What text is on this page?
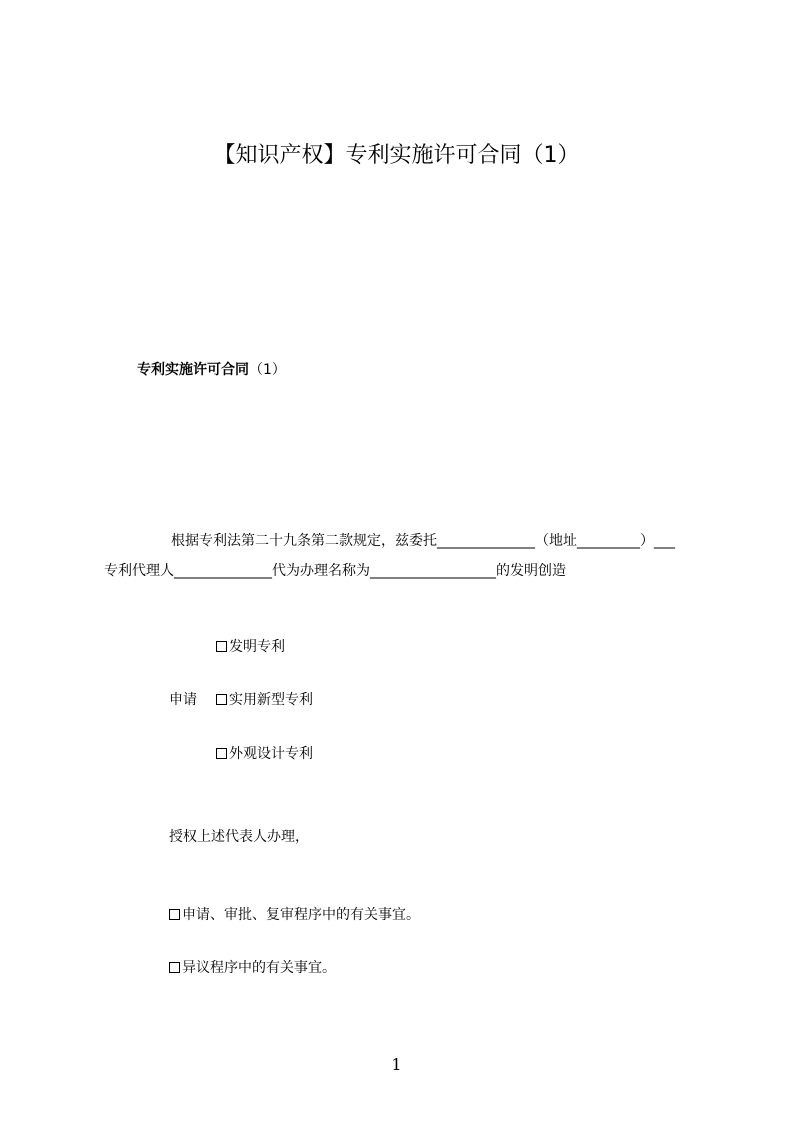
【知识产权】专利实施许可合同（1）
专利实施许可合同（1）
根据专利法第二十九条第二款规定，兹委托______________（地址_________）___
专利代理人______________代为办理名称为__________________的发明创造
发明专利
申请	实用新型专利
外观设计专利
授权上述代表人办理，
申请、审批、复审程序中的有关事宜。
异议程序中的有关事宜。
1
